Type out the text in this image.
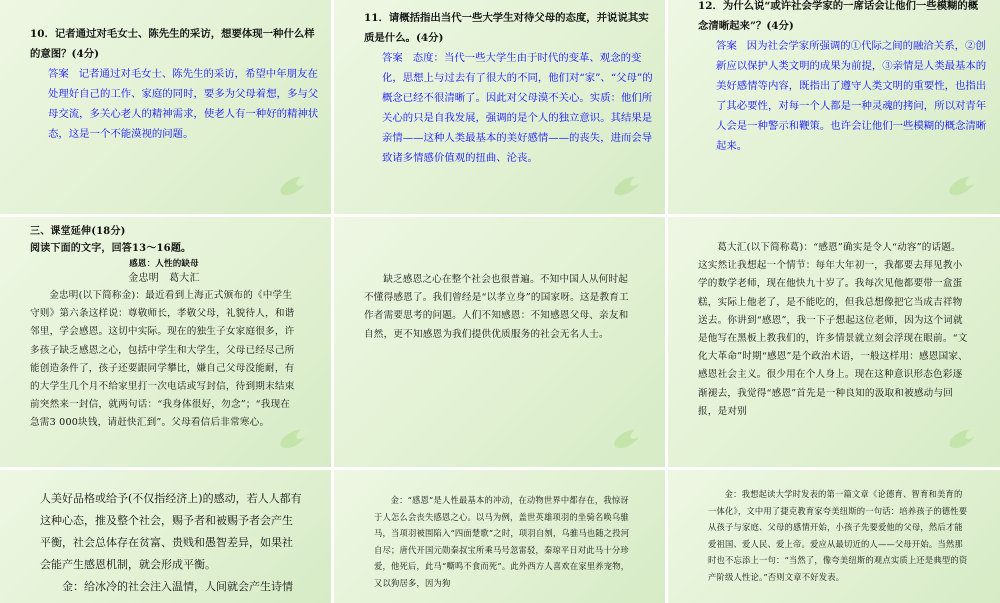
10．记者通过对毛女士、陈先生的采访，想要体现一种什么样的意图？(4分)
答案 记者通过对毛女士、陈先生的采访，希望中年朋友在处理好自己的工作、家庭的同时，要多为父母着想，多与父母交流，多关心老人的精神需求，使老人有一种好的精神状态，这是一个不能漠视的问题。
11．请概括指出当代一些大学生对待父母的态度，并说说其实质是什么。(4分)
答案 态度：当代一些大学生由于时代的变革、观念的变化，思想上与过去有了很大的不同，他们对“家”、“父母”的概念已经不很清晰了。因此对父母漠不关心。实质：他们所关心的只是自我发展，强调的是个人的独立意识。其结果是亲情——这种人类最基本的美好感情——的丧失，进而会导致诸多情感价值观的扭曲、沦丧。
12．为什么说“或许社会学家的一席话会让他们一些模糊的概念清晰起来”？(4分)
答案 因为社会学家所强调的①代际之间的融洽关系，②创新应以保护人类文明的成果为前提，③亲情是人类最基本的美好感情等内容，既指出了遵守人类文明的重要性，也指出了其必要性，对每一个人都是一种灵魂的拷问，所以对青年人会是一种警示和鞭策。也许会让他们一些模糊的概念清晰起来。
三、课堂延伸(18分)
阅读下面的文字，回答13～16题。
感恩：人性的缺母
金忠明　葛大汇
金忠明(以下简称金)：最近看到上海正式颁布的《中学生守则》第六条这样说：尊敬师长，孝敬父母，礼貌待人，和谐邻里，学会感恩。这切中实际。现在的独生子女家庭很多，许多孩子缺乏感恩之心，包括中学生和大学生，父母已经尽己所能创造条件了，孩子还要跟同学攀比，嫌自己父母没能耐，有的大学生几个月不给家里打一次电话或写封信，待到期末结束前突然来一封信，就两句话：“我身体很好，勿念”；“我现在急需3 000块钱，请赶快汇到”。父母看信后非常寒心。
缺乏感恩之心在整个社会也很普遍。不知中国人从何时起不懂得感恩了。我们曾经是“以孝立身”的国家呀。这是教育工作者需要思考的问题。人们不知感恩：不知感恩父母、亲友和自然，更不知感恩为我们提供优质服务的社会无名人士。
葛大汇(以下简称葛)：“感恩”确实是令人“动容”的话题。这实然让我想起一个情节：每年大年初一，我都要去拜见教小学的数学老师，现在他快九十岁了。我每次见他都要带一盒蛋糕，实际上他老了，是不能吃的，但我总想像把它当成吉祥物送去。你讲到“感恩”，我一下子想起这位老师，因为这个词就是他写在黑板上教我们的，许多情景就立刻会浮现在眼前。“文化大革命”时期“感恩”是个政治术语，一般这样用：感恩国家、感恩社会主义。很少用在个人身上。现在这种意识形态色彩逐渐褪去，我觉得“感恩”首先是一种良知的汲取和被感动与回报，是对别
人美好品格或给予(不仅指经济上)的感动，若人人都有这种心态，推及整个社会，赐予者和被赐予者会产生平衡，社会总体存在贫富、贵贱和愚智差异，如果社会能产生感恩机制，就会形成平衡。
金：给冰冷的社会注入温情，人间就会产生诗情
金：“感恩”是人性最基本的冲动，在动物世界中都存在，我惊讶于人怎么会丧失感恩之心。以马为例，盖世英雄项羽的坐骑名唤乌骓马，当项羽被围陷入“四面楚歌”之时，项羽自刎，乌骓马也随之投河自尽；唐代开国元勋秦叔宝所乘马号忽雷驳，秦琼平日对此马十分珍爱，他死后，此马“嘶鸣不食而死”。此外西方人喜欢在家里养宠物，又以狗居多，因为狗
金：我想起读大学时发表的第一篇文章《论德育、智育和美育的一体化》，文中用了捷克教育家夸美纽斯的一句话：培养孩子的德性要从孩子与家庭、父母的感情开始，小孩子先要爱他的父母，然后才能爱祖国、爱人民、爱上帝。爱应从最切近的人——父母开始。当然那时也不忘添上一句：“当然了，像夸美纽斯的观点实质上还是典型的资产阶级人性论。”否则文章不好发表。
